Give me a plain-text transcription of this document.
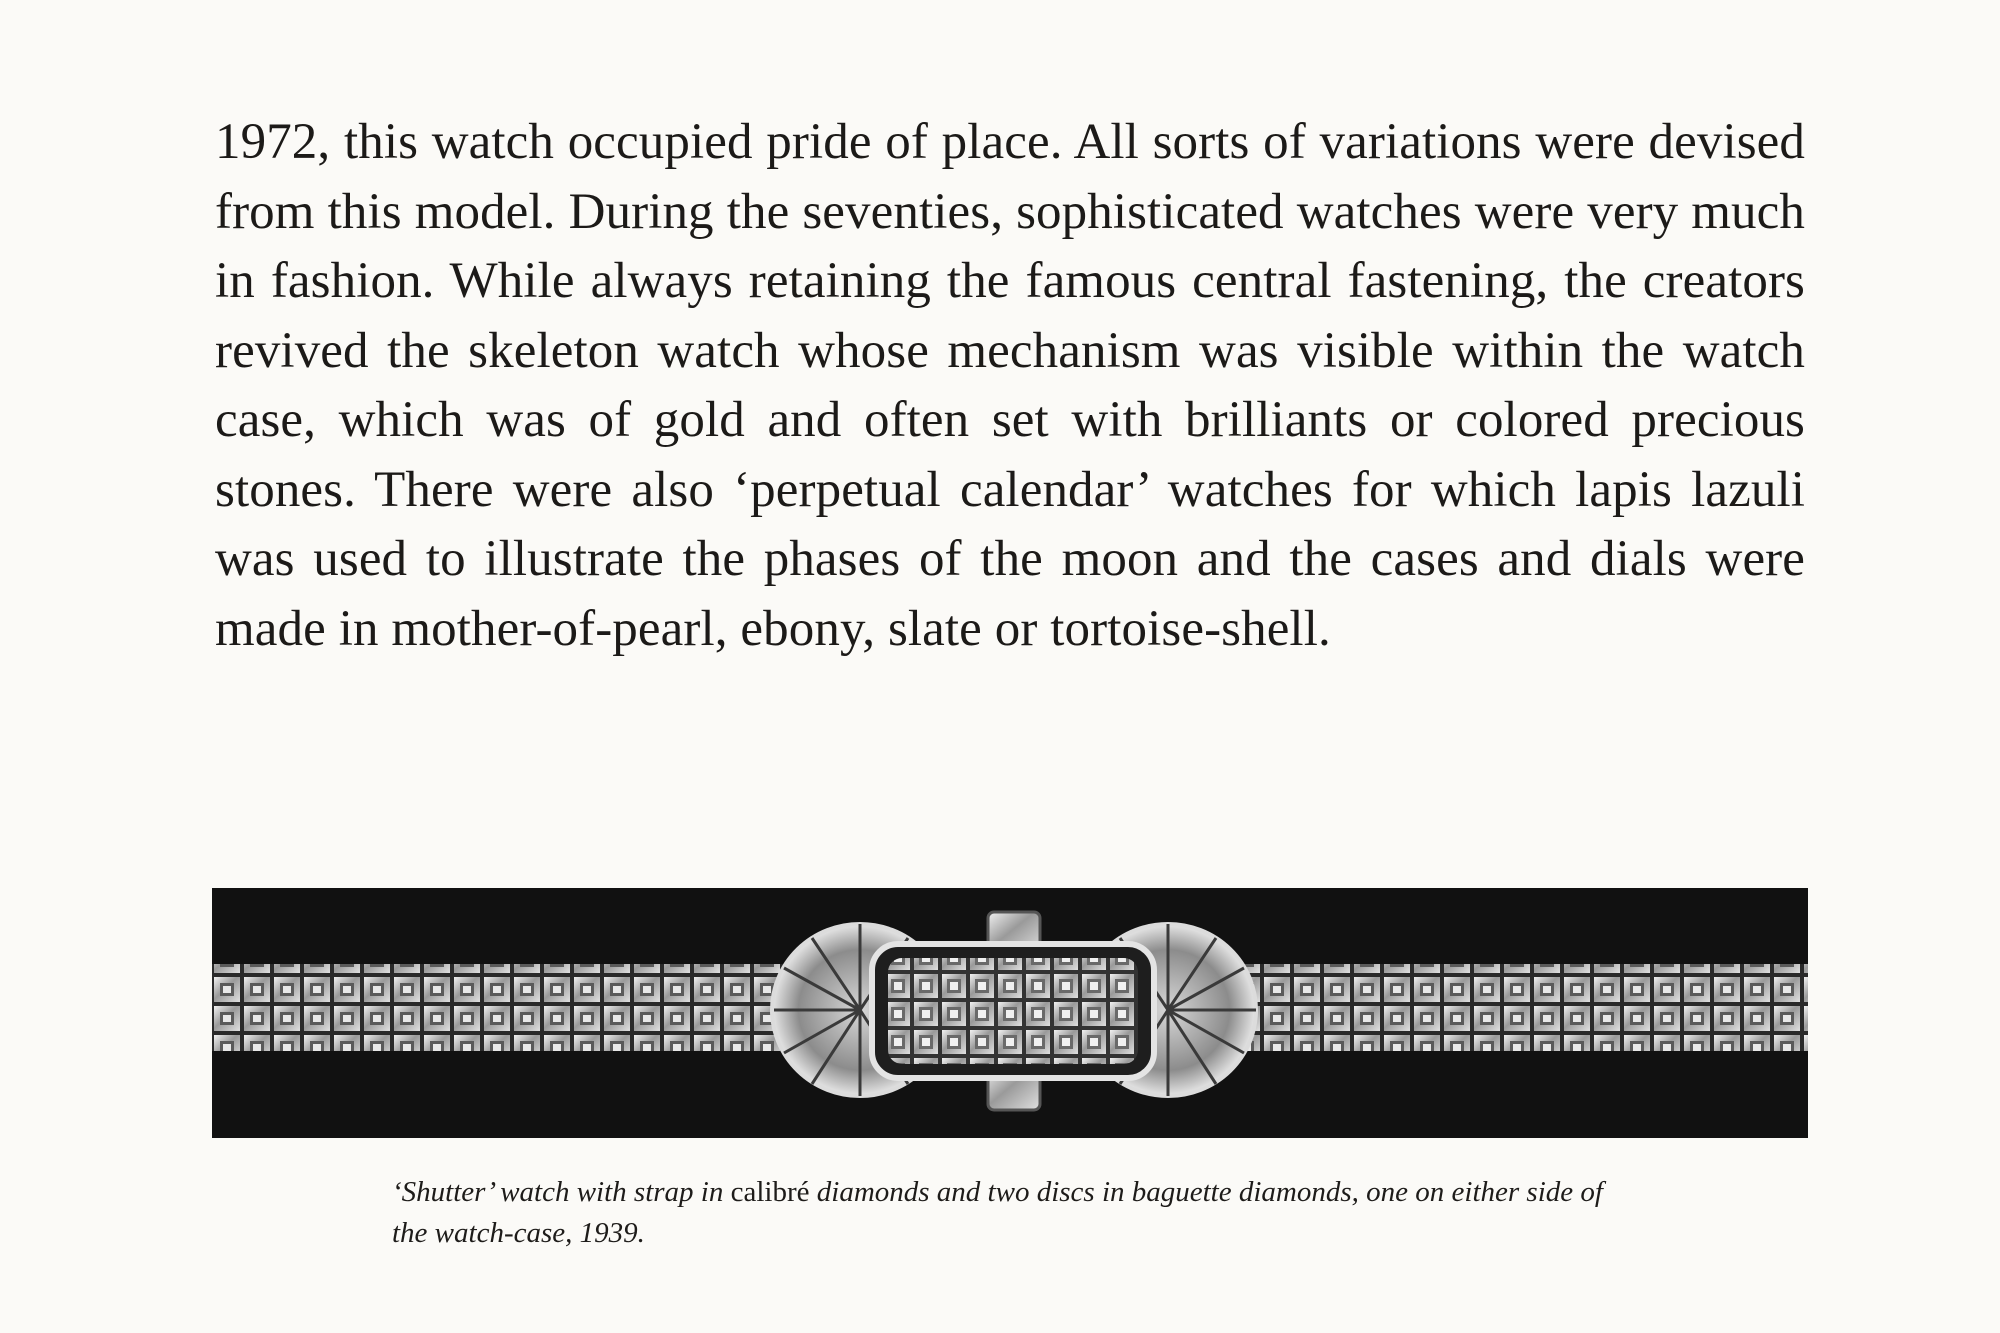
1972, this watch occupied pride of place. All sorts of variations were devised from this model. During the seventies, sophisticated watches were very much in fashion. While always retaining the famous central fastening, the creators revived the skeleton watch whose mechanism was visible within the watch case, which was of gold and often set with brilliants or colored precious stones. There were also ‘perpetual calendar’ watches for which lapis lazuli was used to illustrate the phases of the moon and the cases and dials were made in mother-of-pearl, ebony, slate or tortoise-shell.

‘Shutter’ watch with strap in calibré diamonds and two discs in baguette diamonds, one on either side of the watch-case, 1939.
